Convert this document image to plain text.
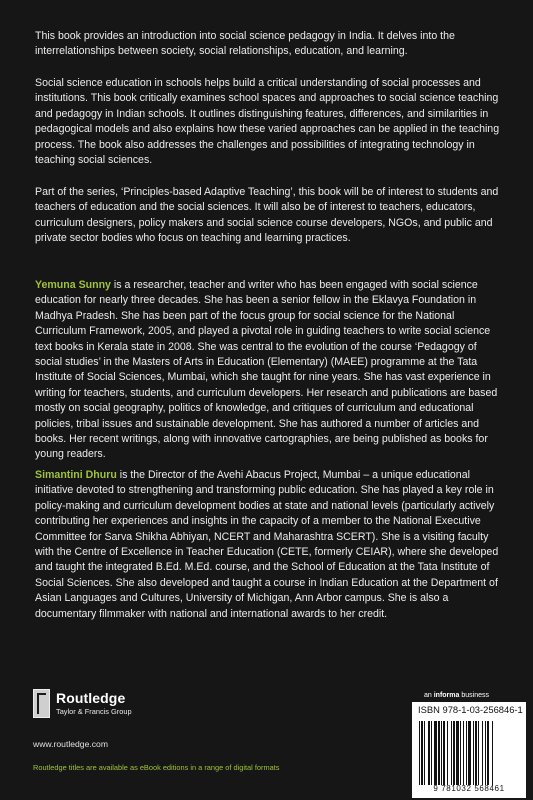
This book provides an introduction into social science pedagogy in India. It delves into the interrelationships between society, social relationships, education, and learning.

Social science education in schools helps build a critical understanding of social processes and institutions. This book critically examines school spaces and approaches to social science teaching and pedagogy in Indian schools. It outlines distinguishing features, differences, and similarities in pedagogical models and also explains how these varied approaches can be applied in the teaching process. The book also addresses the challenges and possibilities of integrating technology in teaching social sciences.

Part of the series, ‘Principles-based Adaptive Teaching’, this book will be of interest to students and teachers of education and the social sciences. It will also be of interest to teachers, educators, curriculum designers, policy makers and social science course developers, NGOs, and public and private sector bodies who focus on teaching and learning practices.

Yemuna Sunny is a researcher, teacher and writer who has been engaged with social science education for nearly three decades. She has been a senior fellow in the Eklavya Foundation in Madhya Pradesh. She has been part of the focus group for social science for the National Curriculum Framework, 2005, and played a pivotal role in guiding teachers to write social science text books in Kerala state in 2008. She was central to the evolution of the course ‘Pedagogy of social studies’ in the Masters of Arts in Education (Elementary) (MAEE) programme at the Tata Institute of Social Sciences, Mumbai, which she taught for nine years. She has vast experience in writing for teachers, students, and curriculum developers. Her research and publications are based mostly on social geography, politics of knowledge, and critiques of curriculum and educational policies, tribal issues and sustainable development. She has authored a number of articles and books. Her recent writings, along with innovative cartographies, are being published as books for young readers.

Simantini Dhuru is the Director of the Avehi Abacus Project, Mumbai – a unique educational initiative devoted to strengthening and transforming public education. She has played a key role in policy-making and curriculum development bodies at state and national levels (particularly actively contributing her experiences and insights in the capacity of a member to the National Executive Committee for Sarva Shikha Abhiyan, NCERT and Maharashtra SCERT). She is a visiting faculty with the Centre of Excellence in Teacher Education (CETE, formerly CEIAR), where she developed and taught the integrated B.Ed. M.Ed. course, and the School of Education at the Tata Institute of Social Sciences. She also developed and taught a course in Indian Education at the Department of Asian Languages and Cultures, University of Michigan, Ann Arbor campus. She is also a documentary filmmaker with national and international awards to her credit.

Routledge
Taylor & Francis Group
www.routledge.com
Routledge titles are available as eBook editions in a range of digital formats
an informa business
ISBN 978-1-03-256846-1
9 781032 568461
